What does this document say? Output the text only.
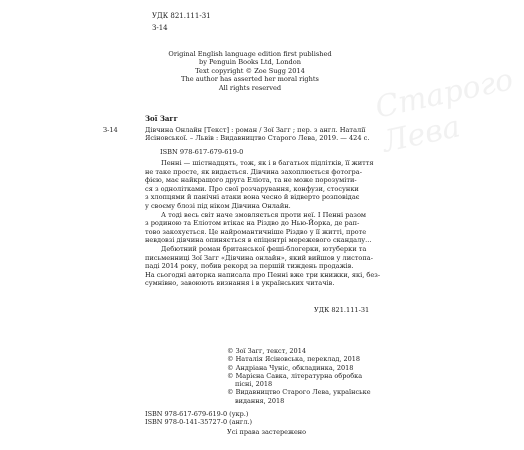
Старого Лева
УДК 821.111-31
З-14
Original English language edition first published
by Penguin Books Ltd, London
Text copyright © Zoe Sugg 2014
The author has asserted her moral rights
All rights reserved
Зої Загг
З-14	Дівчина Онлайн [Текст] : роман / Зої Загг ; пер. з англ. Наталії
Ясіновської. – Львів : Видавництво Старого Лева, 2019. — 424 с.
ISBN 978-617-679-619-0
Пенні — шістнадцять, тож, як і в багатьох підлітків, її життя
не таке просте, як видається. Дівчина захоплюється фотогра-
фією, має найкращого друга Еліота, та не може порозуміти-
ся з однолітками. Про свої розчарування, конфузи, стосунки
з хлопцями й панічні атаки вона чесно й відверто розповідає
у своєму блозі під ніком Дівчина Онлайн.
А тоді весь світ наче змовляється проти неї. І Пенні разом
з родиною та Еліотом втікає на Різдво до Нью-Йорка, де рап-
тово закохується. Це найромантичніше Різдво у її житті, проте
невдовзі дівчина опиняється в епіцентрі мережевого скандалу...
Дебютний роман британської феші-блогерки, ютуберки та
письменниці Зої Загг «Дівчина онлайн», який вийшов у листопа-
паді 2014 року, побив рекорд за першій тиждень продажів.
На сьогодні авторка написала про Пенні вже три книжки, які, без-
сумнівно, завоюють визнання і в українських читачів.
УДК 821.111-31
© Зої Загг, текст, 2014
© Наталія Ясіновська, переклад, 2018
© Андріана Чуніс, обкладинка, 2018
© Марієна Савка, літературна обробка
пісні, 2018
© Видавництво Старого Лева, українське
видання, 2018
ISBN 978-617-679-619-0 (укр.)
ISBN 978-0-141-35727-0 (англ.)
Усі права застережено
